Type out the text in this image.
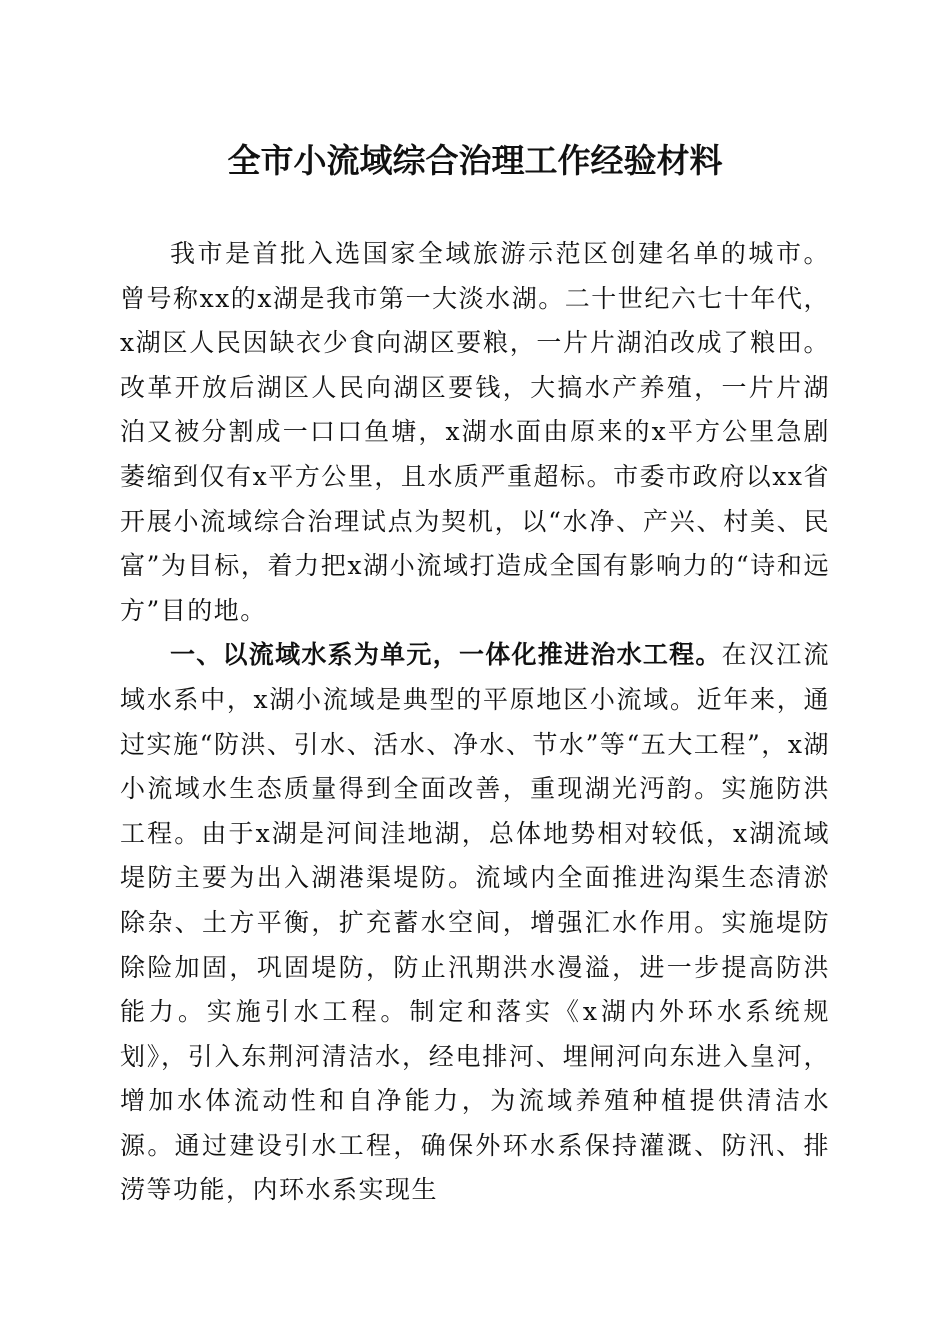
全市小流域综合治理工作经验材料

我市是首批入选国家全域旅游示范区创建名单的城市。曾号称xx的x湖是我市第一大淡水湖。二十世纪六七十年代，x湖区人民因缺衣少食向湖区要粮，一片片湖泊改成了粮田。改革开放后湖区人民向湖区要钱，大搞水产养殖，一片片湖泊又被分割成一口口鱼塘，x湖水面由原来的x平方公里急剧萎缩到仅有x平方公里，且水质严重超标。市委市政府以xx省开展小流域综合治理试点为契机，以“水净、产兴、村美、民富”为目标，着力把x湖小流域打造成全国有影响力的“诗和远方”目的地。

一、以流域水系为单元，一体化推进治水工程。在汉江流域水系中，x湖小流域是典型的平原地区小流域。近年来，通过实施“防洪、引水、活水、净水、节水”等“五大工程”，x湖小流域水生态质量得到全面改善，重现湖光沔韵。实施防洪工程。由于x湖是河间洼地湖，总体地势相对较低，x湖流域堤防主要为出入湖港渠堤防。流域内全面推进沟渠生态清淤除杂、土方平衡，扩充蓄水空间，增强汇水作用。实施堤防除险加固，巩固堤防，防止汛期洪水漫溢，进一步提高防洪能力。实施引水工程。制定和落实《x湖内外环水系统规划》，引入东荆河清洁水，经电排河、埋闸河向东进入皇河，增加水体流动性和自净能力，为流域养殖种植提供清洁水源。通过建设引水工程，确保外环水系保持灌溉、防汛、排涝等功能，内环水系实现生
